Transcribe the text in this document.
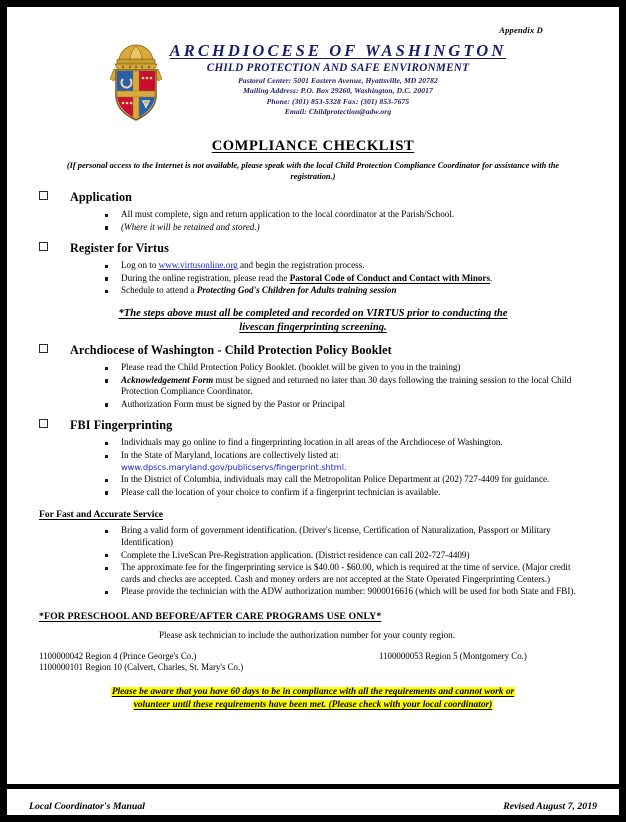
Appendix D
ARCHDIOCESE OF WASHINGTON
CHILD PROTECTION AND SAFE ENVIRONMENT
Pastoral Center: 5001 Eastern Avenue, Hyattsville, MD 20782
Mailing Address: P.O. Box 29260, Washington, D.C. 20017
Phone: (301) 853-5328 Fax: (301) 853-7675
Email: Childprotection@adw.org
COMPLIANCE CHECKLIST
(If personal access to the Internet is not available, please speak with the local Child Protection Compliance Coordinator for assistance with the registration.)
Application
All must complete, sign and return application to the local coordinator at the Parish/School.
(Where it will be retained and stored.)
Register for Virtus
Log on to www.virtusonline.org and begin the registration process.
During the online registration, please read the Pastoral Code of Conduct and Contact with Minors.
Schedule to attend a Protecting God's Children for Adults training session
*The steps above must all be completed and recorded on VIRTUS prior to conducting the
livescan fingerprinting screening.
Archdiocese of Washington - Child Protection Policy Booklet
Please read the Child Protection Policy Booklet. (booklet will be given to you in the training)
Acknowledgement Form must be signed and returned no later than 30 days following the training session to the local Child Protection Compliance Coordinator.
Authorization Form must be signed by the Pastor or Principal
FBI Fingerprinting
Individuals may go online to find a fingerprinting location in all areas of the Archdiocese of Washington.
In the State of Maryland, locations are collectively listed at:
www.dpscs.maryland.gov/publicservs/fingerprint.shtml.
In the District of Columbia, individuals may call the Metropolitan Police Department at (202) 727-4409 for guidance.
Please call the location of your choice to confirm if a fingerprint technician is available.
For Fast and Accurate Service
Bring a valid form of government identification. (Driver's license, Certification of Naturalization, Passport or Military Identification)
Complete the LiveScan Pre-Registration application. (District residence can call 202-727-4409)
The approximate fee for the fingerprinting service is $40.00 - $60.00, which is required at the time of service. (Major credit cards and checks are accepted. Cash and money orders are not accepted at the State Operated Fingerprinting Centers.)
Please provide the technician with the ADW authorization number: 9000016616 (which will be used for both State and FBI).
*FOR PRESCHOOL AND BEFORE/AFTER CARE PROGRAMS USE ONLY*
Please ask technician to include the authorization number for your county region.
1100000042 Region 4 (Prince George's Co.)
1100000101 Region 10 (Calvert, Charles, St. Mary's Co.)
1100000053 Region 5 (Montgomery Co.)
Please be aware that you have 60 days to be in compliance with all the requirements and cannot work or
volunteer until these requirements have been met. (Please check with your local coordinator)
Local Coordinator's Manual	Revised August 7, 2019
